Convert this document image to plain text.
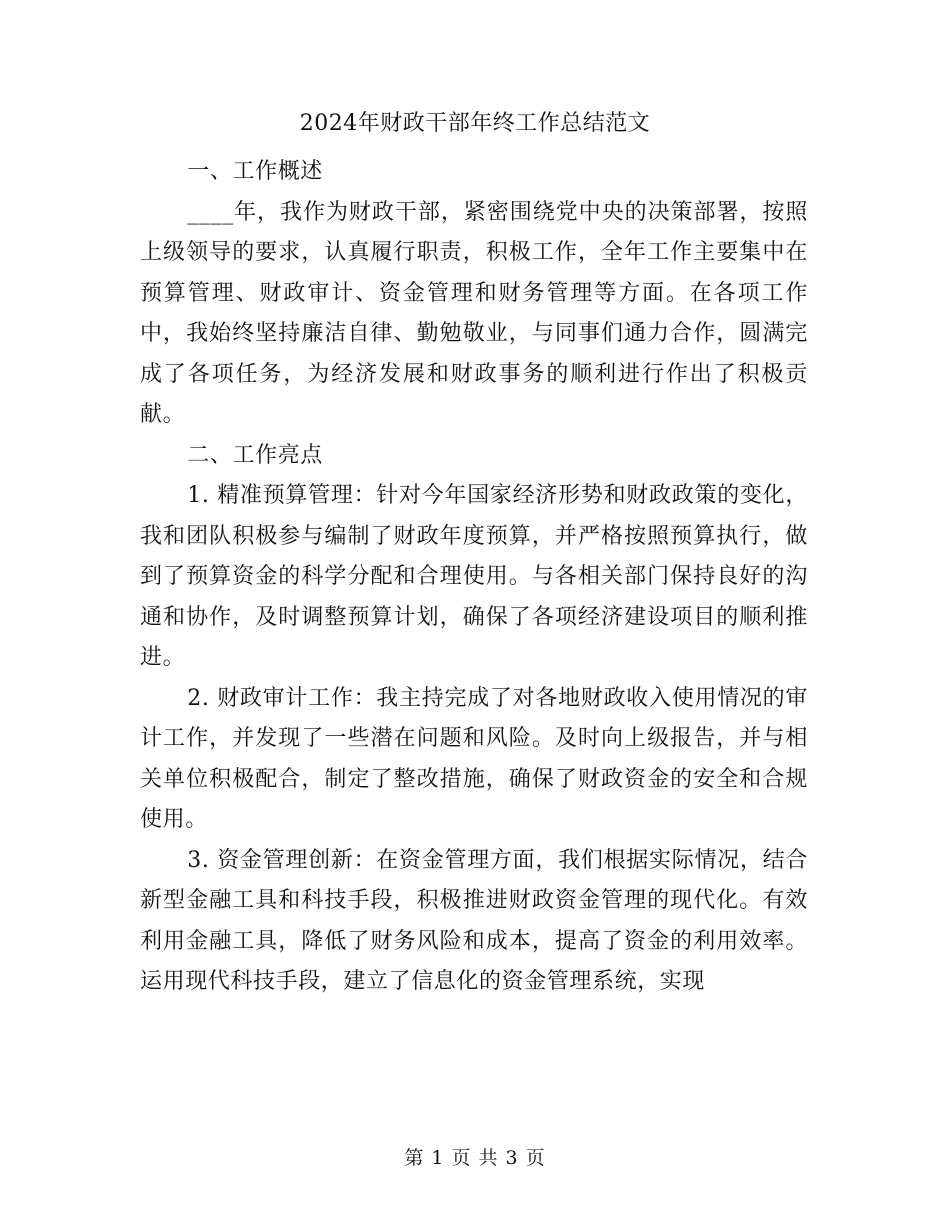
2024年财政干部年终工作总结范文

一、工作概述

____年，我作为财政干部，紧密围绕党中央的决策部署，按照上级领导的要求，认真履行职责，积极工作，全年工作主要集中在预算管理、财政审计、资金管理和财务管理等方面。在各项工作中，我始终坚持廉洁自律、勤勉敬业，与同事们通力合作，圆满完成了各项任务，为经济发展和财政事务的顺利进行作出了积极贡献。

二、工作亮点

1. 精准预算管理：针对今年国家经济形势和财政政策的变化，我和团队积极参与编制了财政年度预算，并严格按照预算执行，做到了预算资金的科学分配和合理使用。与各相关部门保持良好的沟通和协作，及时调整预算计划，确保了各项经济建设项目的顺利推进。

2. 财政审计工作：我主持完成了对各地财政收入使用情况的审计工作，并发现了一些潜在问题和风险。及时向上级报告，并与相关单位积极配合，制定了整改措施，确保了财政资金的安全和合规使用。

3. 资金管理创新：在资金管理方面，我们根据实际情况，结合新型金融工具和科技手段，积极推进财政资金管理的现代化。有效利用金融工具，降低了财务风险和成本，提高了资金的利用效率。运用现代科技手段，建立了信息化的资金管理系统，实现

第 1 页 共 3 页
